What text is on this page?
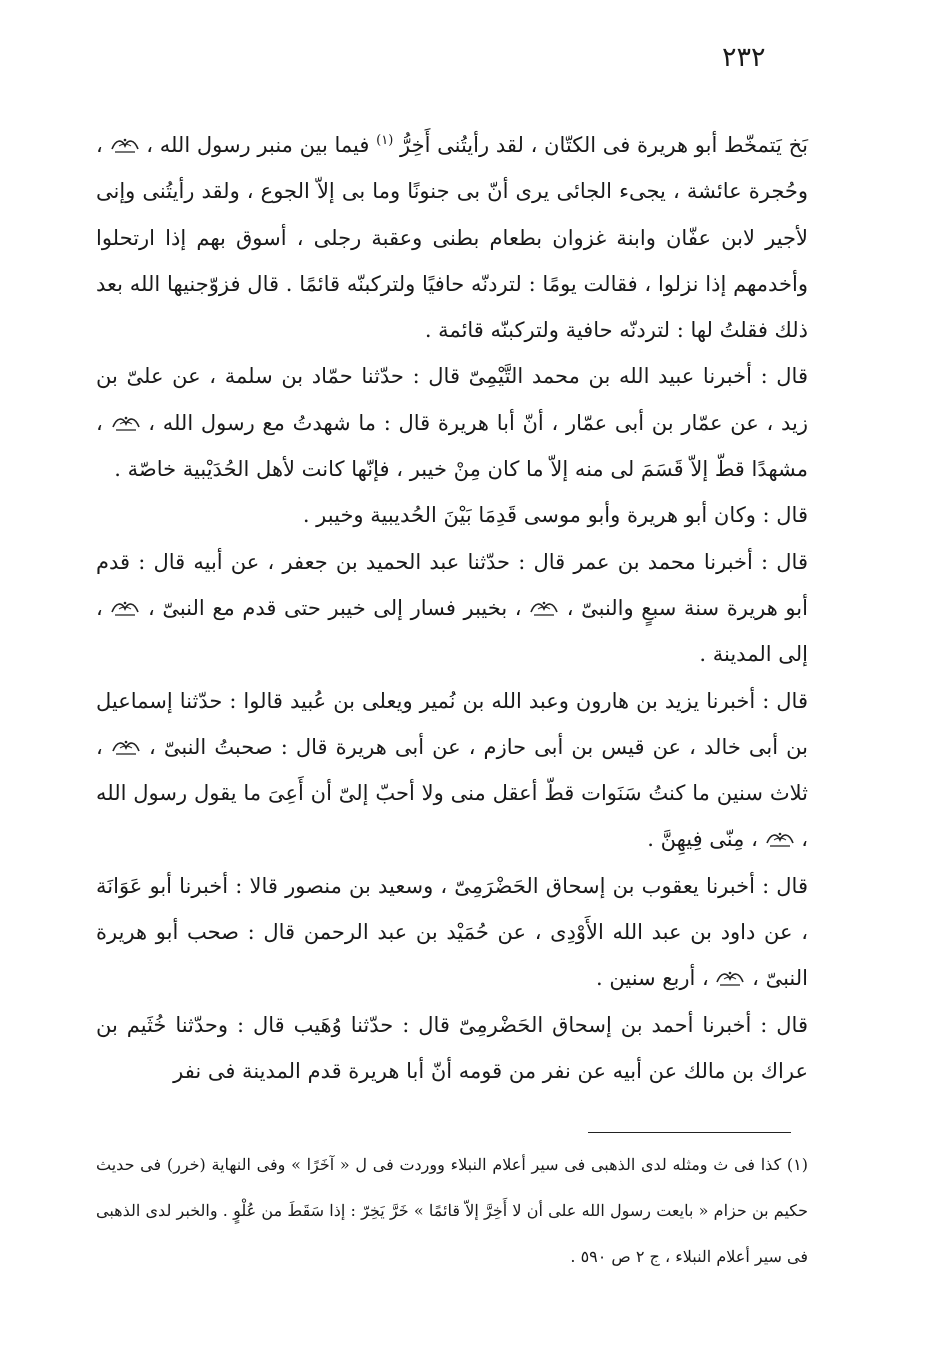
٢٣٢

بَخ يَتمخّط أبو هريرة فى الكتّان ، لقد رأيتُنى أَخِرُّ $^{(١)}$ فيما بين منبر رسول الله ،
، وحُجرة عائشة ، يجىء الجائى يرى أنّ بى جنونًا وما بى إلاّ الجوع ، ولقد رأيتُنى وإنى لأجير لابن عفّان وابنة غزوان بطعام بطنى وعقبة رجلى ، أسوق بهم إذا ارتحلوا وأخدمهم إذا نزلوا ، فقالت يومًا : لتردنّه حافيًا ولتركبنّه قائمًا . قال فزوّجنيها الله بعد ذلك فقلتُ لها : لتردنّه حافية ولتركبنّه قائمة .

قال : أخبرنا عبيد الله بن محمد التَّيْمِىّ قال : حدّثنا حمّاد بن سلمة ، عن علىّ بن زيد ، عن عمّار بن أبى عمّار ، أنّ أبا هريرة قال : ما شهدتُ مع رسول الله ،
، مشهدًا قطّ إلاّ قَسَمَ لى منه إلاّ ما كان مِنْ خيبر ، فإنّها كانت لأهل الحُدَيْبية خاصّة .

قال : وكان أبو هريرة وأبو موسى قَدِمَا بَيْنَ الحُديبية وخيبر .

قال : أخبرنا محمد بن عمر قال : حدّثنا عبد الحميد بن جعفر ، عن أبيه قال : قدم أبو هريرة سنة سبعٍ والنبىّ ،
، بخيبر فسار إلى خيبر حتى قدم مع النبىّ ،
، إلى المدينة .

قال : أخبرنا يزيد بن هارون وعبد الله بن نُمير ويعلى بن عُبيد قالوا : حدّثنا إسماعيل بن أبى خالد ، عن قيس بن أبى حازم ، عن أبى هريرة قال : صحبتُ النبىّ ،
، ثلاث سنين ما كنتُ سَنَوات قطّ أعقل منى ولا أحبّ إلىّ أن أَعِىَ ما يقول رسول الله ،
، مِنّى فِيهِنَّ .

قال : أخبرنا يعقوب بن إسحاق الحَضْرَمِىّ ، وسعيد بن منصور قالا : أخبرنا أبو عَوَانَة ، عن داود بن عبد الله الأَوْدِى ، عن حُمَيْد بن عبد الرحمن قال : صحب أبو هريرة النبىّ ،
، أربع سنين .

قال : أخبرنا أحمد بن إسحاق الحَضْرمِىّ قال : حدّثنا وُهَيب قال : وحدّثنا خُثَيم بن عراك بن مالك عن أبيه عن نفر من قومه أنّ أبا هريرة قدم المدينة فى نفر

(١) كذا فى ث ومثله لدى الذهبى فى سير أعلام النبلاء ووردت فى ل « آخَرًا » وفى النهاية (خرر) فى حديث حكيم بن حزام « بايعت رسول الله على أن لا أَخِرَّ إلاّ قائمًا » خَرَّ يَخِرّ : إذا سَقَطَ من عُلْوٍ . والخبر لدى الذهبى فى سير أعلام النبلاء ، ج ٢ ص ٥٩٠ .
